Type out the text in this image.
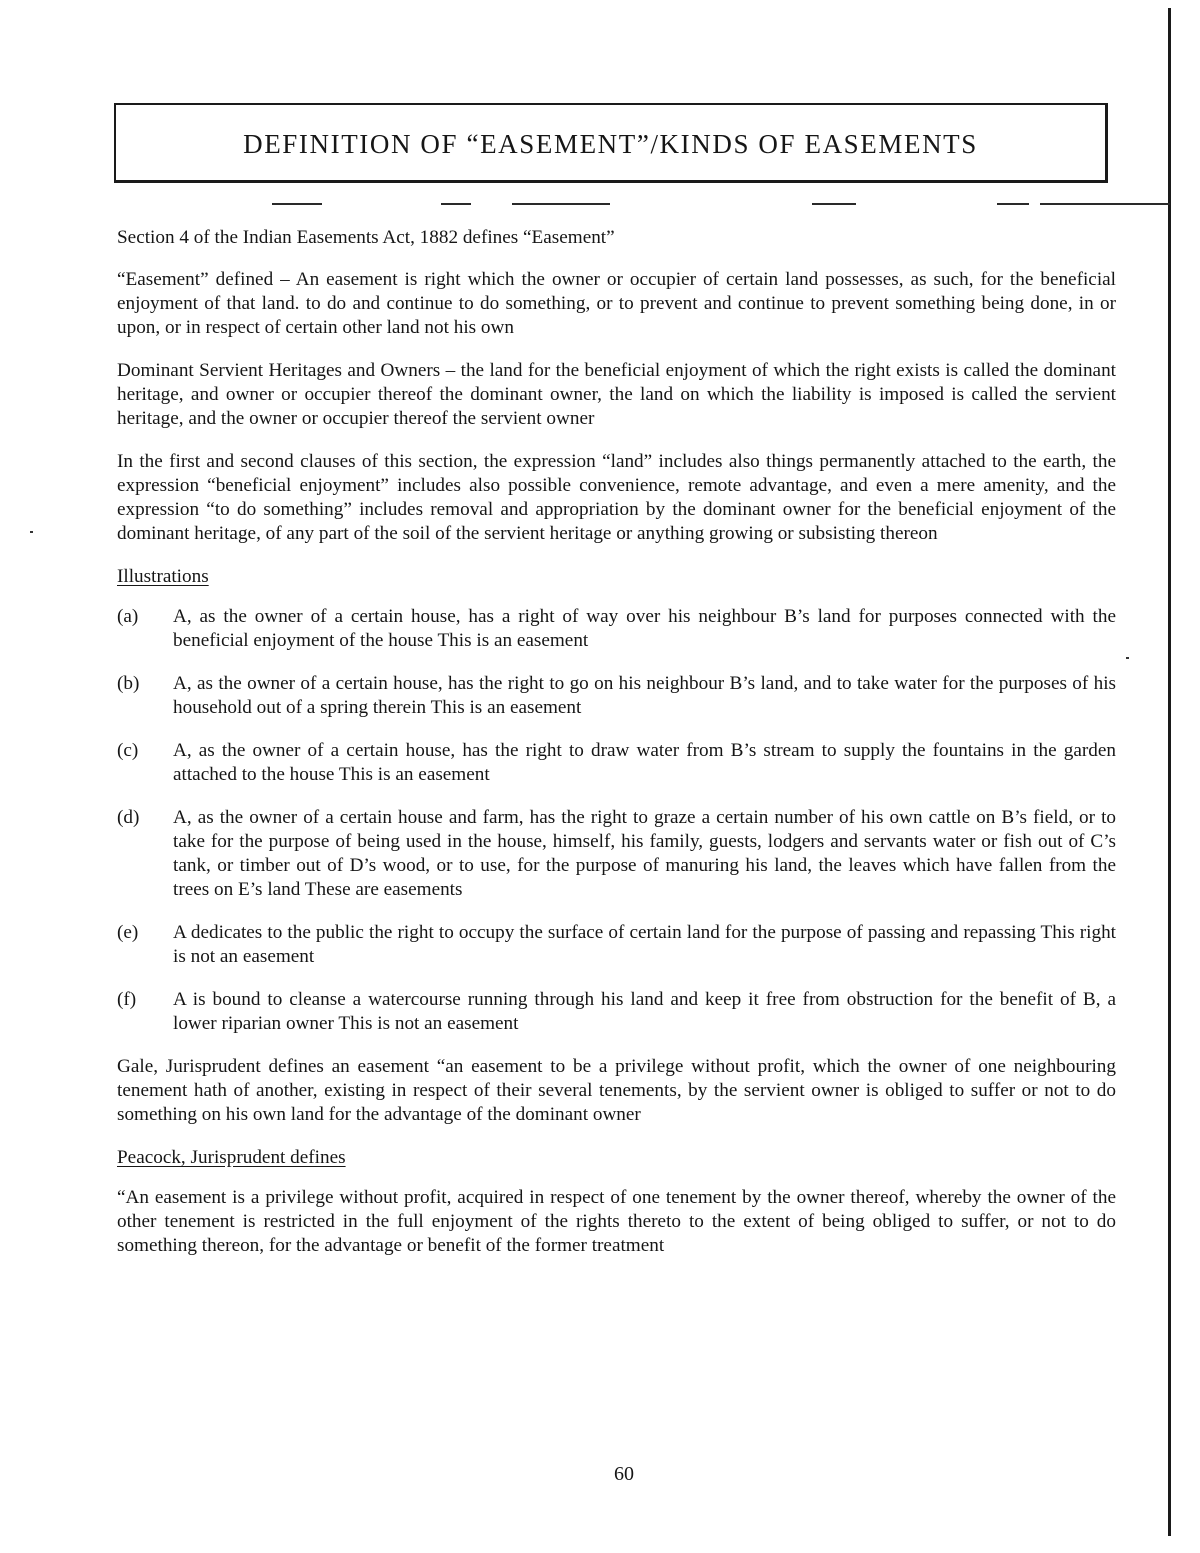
DEFINITION OF “EASEMENT”/KINDS OF EASEMENTS

Section 4 of the Indian Easements Act, 1882 defines “Easement”

“Easement” defined – An easement is right which the owner or occupier of certain land possesses, as such, for the beneficial enjoyment of that land. to do and continue to do something, or to prevent and continue to prevent something being done, in or upon, or in respect of certain other land not his own

Dominant Servient Heritages and Owners – the land for the beneficial enjoyment of which the right exists is called the dominant heritage, and owner or occupier thereof the dominant owner, the land on which the liability is imposed is called the servient heritage, and the owner or occupier thereof the servient owner

In the first and second clauses of this section, the expression “land” includes also things permanently attached to the earth, the expression “beneficial enjoyment” includes also possible convenience, remote advantage, and even a mere amenity, and the expression “to do something” includes removal and appropriation by the dominant owner for the beneficial enjoyment of the dominant heritage, of any part of the soil of the servient heritage or anything growing or subsisting thereon

Illustrations

(a)	A, as the owner of a certain house, has a right of way over his neighbour B’s land for purposes connected with the beneficial enjoyment of the house This is an easement
(b)	A, as the owner of a certain house, has the right to go on his neighbour B’s land, and to take water for the purposes of his household out of a spring therein This is an easement
(c)	A, as the owner of a certain house, has the right to draw water from B’s stream to supply the fountains in the garden attached to the house This is an easement
(d)	A, as the owner of a certain house and farm, has the right to graze a certain number of his own cattle on B’s field, or to take for the purpose of being used in the house, himself, his family, guests, lodgers and servants water or fish out of C’s tank, or timber out of D’s wood, or to use, for the purpose of manuring his land, the leaves which have fallen from the trees on E’s land These are easements
(e)	A dedicates to the public the right to occupy the surface of certain land for the purpose of passing and repassing This right is not an easement
(f)	A is bound to cleanse a watercourse running through his land and keep it free from obstruction for the benefit of B, a lower riparian owner This is not an easement

Gale, Jurisprudent defines an easement “an easement to be a privilege without profit, which the owner of one neighbouring tenement hath of another, existing in respect of their several tenements, by the servient owner is obliged to suffer or not to do something on his own land for the advantage of the dominant owner

Peacock, Jurisprudent defines

“An easement is a privilege without profit, acquired in respect of one tenement by the owner thereof, whereby the owner of the other tenement is restricted in the full enjoyment of the rights thereto to the extent of being obliged to suffer, or not to do something thereon, for the advantage or benefit of the former treatment

60
